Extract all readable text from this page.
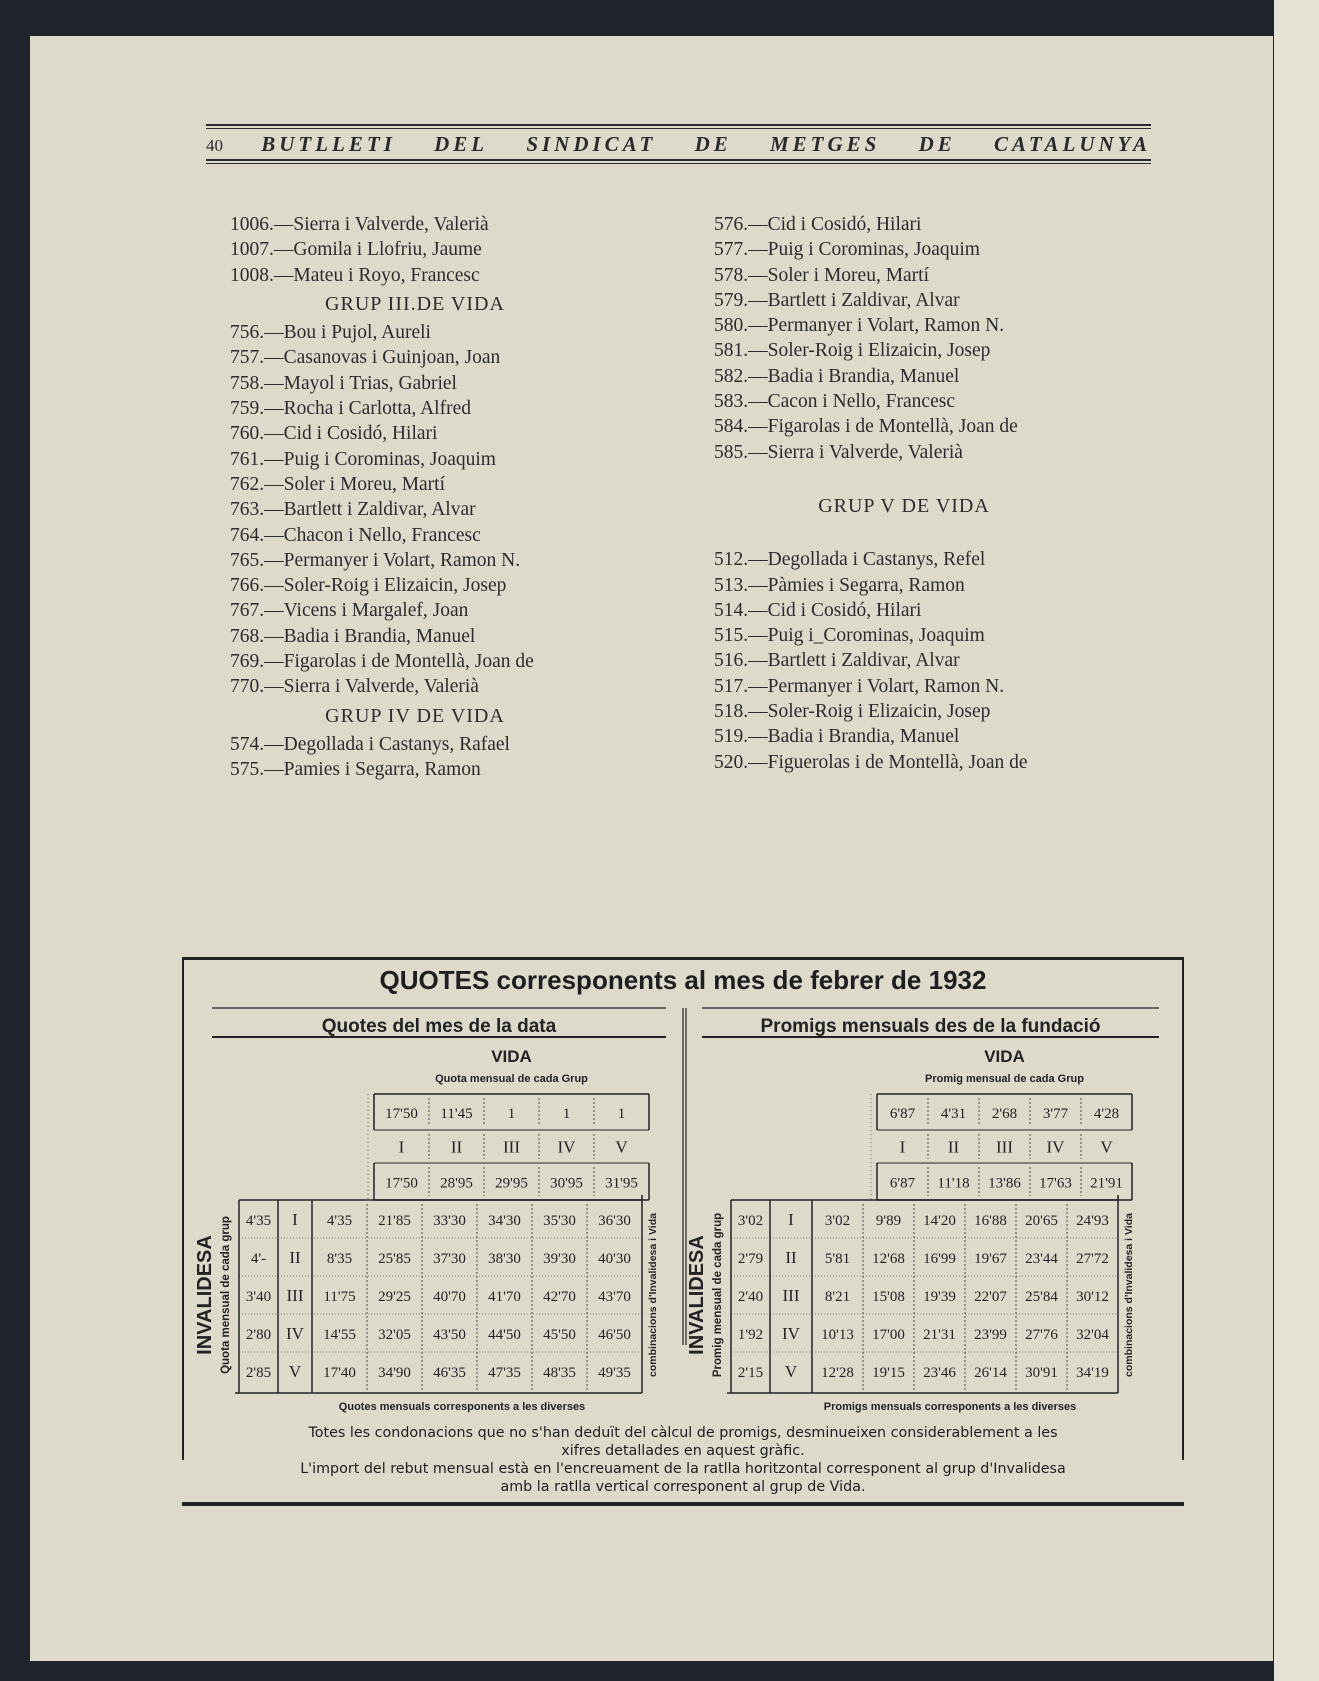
40 BUTLLETI DEL SINDICAT DE METGES DE CATALUNYA
1006.—Sierra i Valverde, Valerià
1007.—Gomila i Llofriu, Jaume
1008.—Mateu i Royo, Francesc
GRUP III.DE VIDA
756.—Bou i Pujol, Aureli
757.—Casanovas i Guinjoan, Joan
758.—Mayol i Trias, Gabriel
759.—Rocha i Carlotta, Alfred
760.—Cid i Cosidó, Hilari
761.—Puig i Corominas, Joaquim
762.—Soler i Moreu, Martí
763.—Bartlett i Zaldivar, Alvar
764.—Chacon i Nello, Francesc
765.—Permanyer i Volart, Ramon N.
766.—Soler-Roig i Elizaicin, Josep
767.—Vicens i Margalef, Joan
768.—Badia i Brandia, Manuel
769.—Figarolas i de Montellà, Joan de
770.—Sierra i Valverde, Valerià
GRUP IV DE VIDA
574.—Degollada i Castanys, Rafael
575.—Pamies i Segarra, Ramon
576.—Cid i Cosidó, Hilari
577.—Puig i Corominas, Joaquim
578.—Soler i Moreu, Martí
579.—Bartlett i Zaldivar, Alvar
580.—Permanyer i Volart, Ramon N.
581.—Soler-Roig i Elizaicin, Josep
582.—Badia i Brandia, Manuel
583.—Cacon i Nello, Francesc
584.—Figarolas i de Montellà, Joan de
585.—Sierra i Valverde, Valerià
GRUP V DE VIDA
512.—Degollada i Castanys, Refel
513.—Pàmies i Segarra, Ramon
514.—Cid i Cosidó, Hilari
515.—Puig i_Corominas, Joaquim
516.—Bartlett i Zaldivar, Alvar
517.—Permanyer i Volart, Ramon N.
518.—Soler-Roig i Elizaicin, Josep
519.—Badia i Brandia, Manuel
520.—Figuerolas i de Montellà, Joan de
QUOTES corresponents al mes de febrer de 1932
Quotes del mes de la data
VIDA
Quota mensual de cada Grup
17'50 11'45 1	1	1
I	II III IV V
17'50 28'95 29'95 30'95 31'95
4'35 I 4'35 21'85 33'30 34'30 35'30 36'30
4'- II 8'35 25'85 37'30 38'30 39'30 40'30
3'40 III 11'75 29'25 40'70 41'70 42'70 43'70
2'80 IV 14'55 32'05 43'50 44'50 45'50 46'50
2'85 V 17'40 34'90 46'35 47'35 48'35 49'35
INVALIDESA Quota mensual de cada grup	combinacions d'Invalidesa i Vida
Quotes mensuals corresponents a les diverses
Promigs mensuals des de la fundació
VIDA
Promig mensual de cada Grup
6'87 4'31 2'68 3'77 4'28
I	II III IV V
6'87 11'18 13'86 17'63 21'91
3'02 I 3'02 9'89 14'20 16'88 20'65 24'93
2'79 II 5'81 12'68 16'99 19'67 23'44 27'72
2'40 III 8'21 15'08 19'39 22'07 25'84 30'12
1'92 IV 10'13 17'00 21'31 23'99 27'76 32'04
2'15 V 12'28 19'15 23'46 26'14 30'91 34'19
INVALIDESA Promig mensual de cada grup	combinacions d'Invalidesa i Vida
Promigs mensuals corresponents a les diverses
Totes les condonacions que no s'han deduït del càlcul de promigs, desminueixen considerablement a les
xifres detallades en aquest gràfic.
L'import del rebut mensual està en l'encreuament de la ratlla horitzontal corresponent al grup d'Invalidesa
amb la ratlla vertical corresponent al grup de Vida.
